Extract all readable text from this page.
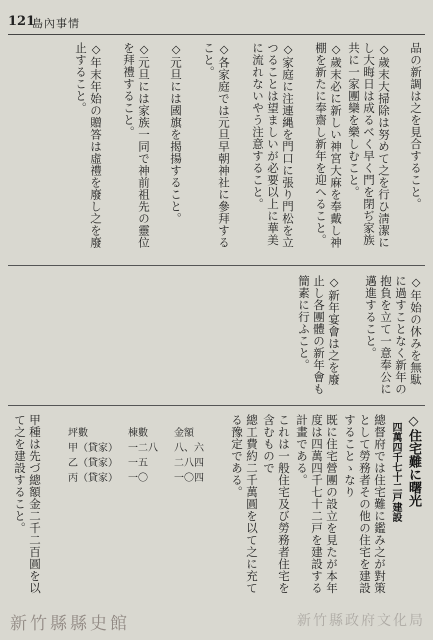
121
島內事情
品の新調は之を見合すること。
◇歲末大掃除は努めて之を行ひ淸潔にし大晦日は成るべく早く門を閉ぢ家族共に一家團欒を樂しむこと。
◇歲末必に新しい神宮大麻を奉戴し神棚を新たに奉齋し新年を迎へること。
◇家庭に注連縄を門口に張り門松を立つることは望ましいが必要以上に華美に流れないやう注意すること。
◇各家庭では元旦早朝神社に參拜すること。
◇元旦には國旗を揭揚すること。
◇元旦には家族一同で神前祖先の靈位を拜禮すること。
◇年末年始の贈答は虛禮を廢し之を廢止すること。
◇年始の休みを無駄に過すことなく新年の抱負を立て一意奉公に邁進すること。
◇新年宴會は之を廢止し各團體の新年會も簡素に行ふこと。
◇住宅難に曙光
四萬四千七十二戸建設
總督府では住宅難に鑑み之が對策として勞務者その他の住宅を建設することゝなり
既に住宅營團の設立を見たが本年度は四萬四千七十二戸を建設する計畫である。
これは一般住宅及び勞務者住宅を含むもので
總工費約二千萬圓を以て之に充てる豫定である。
坪數	棟數	金額
甲（貸家） 一二八	八、六
乙（貸家） 一五	二八四
丙（貸家） 一〇	一〇四
甲種は先づ總額金二千二百圓を以て之を建設すること。
新竹縣縣史館	新竹縣政府文化局
